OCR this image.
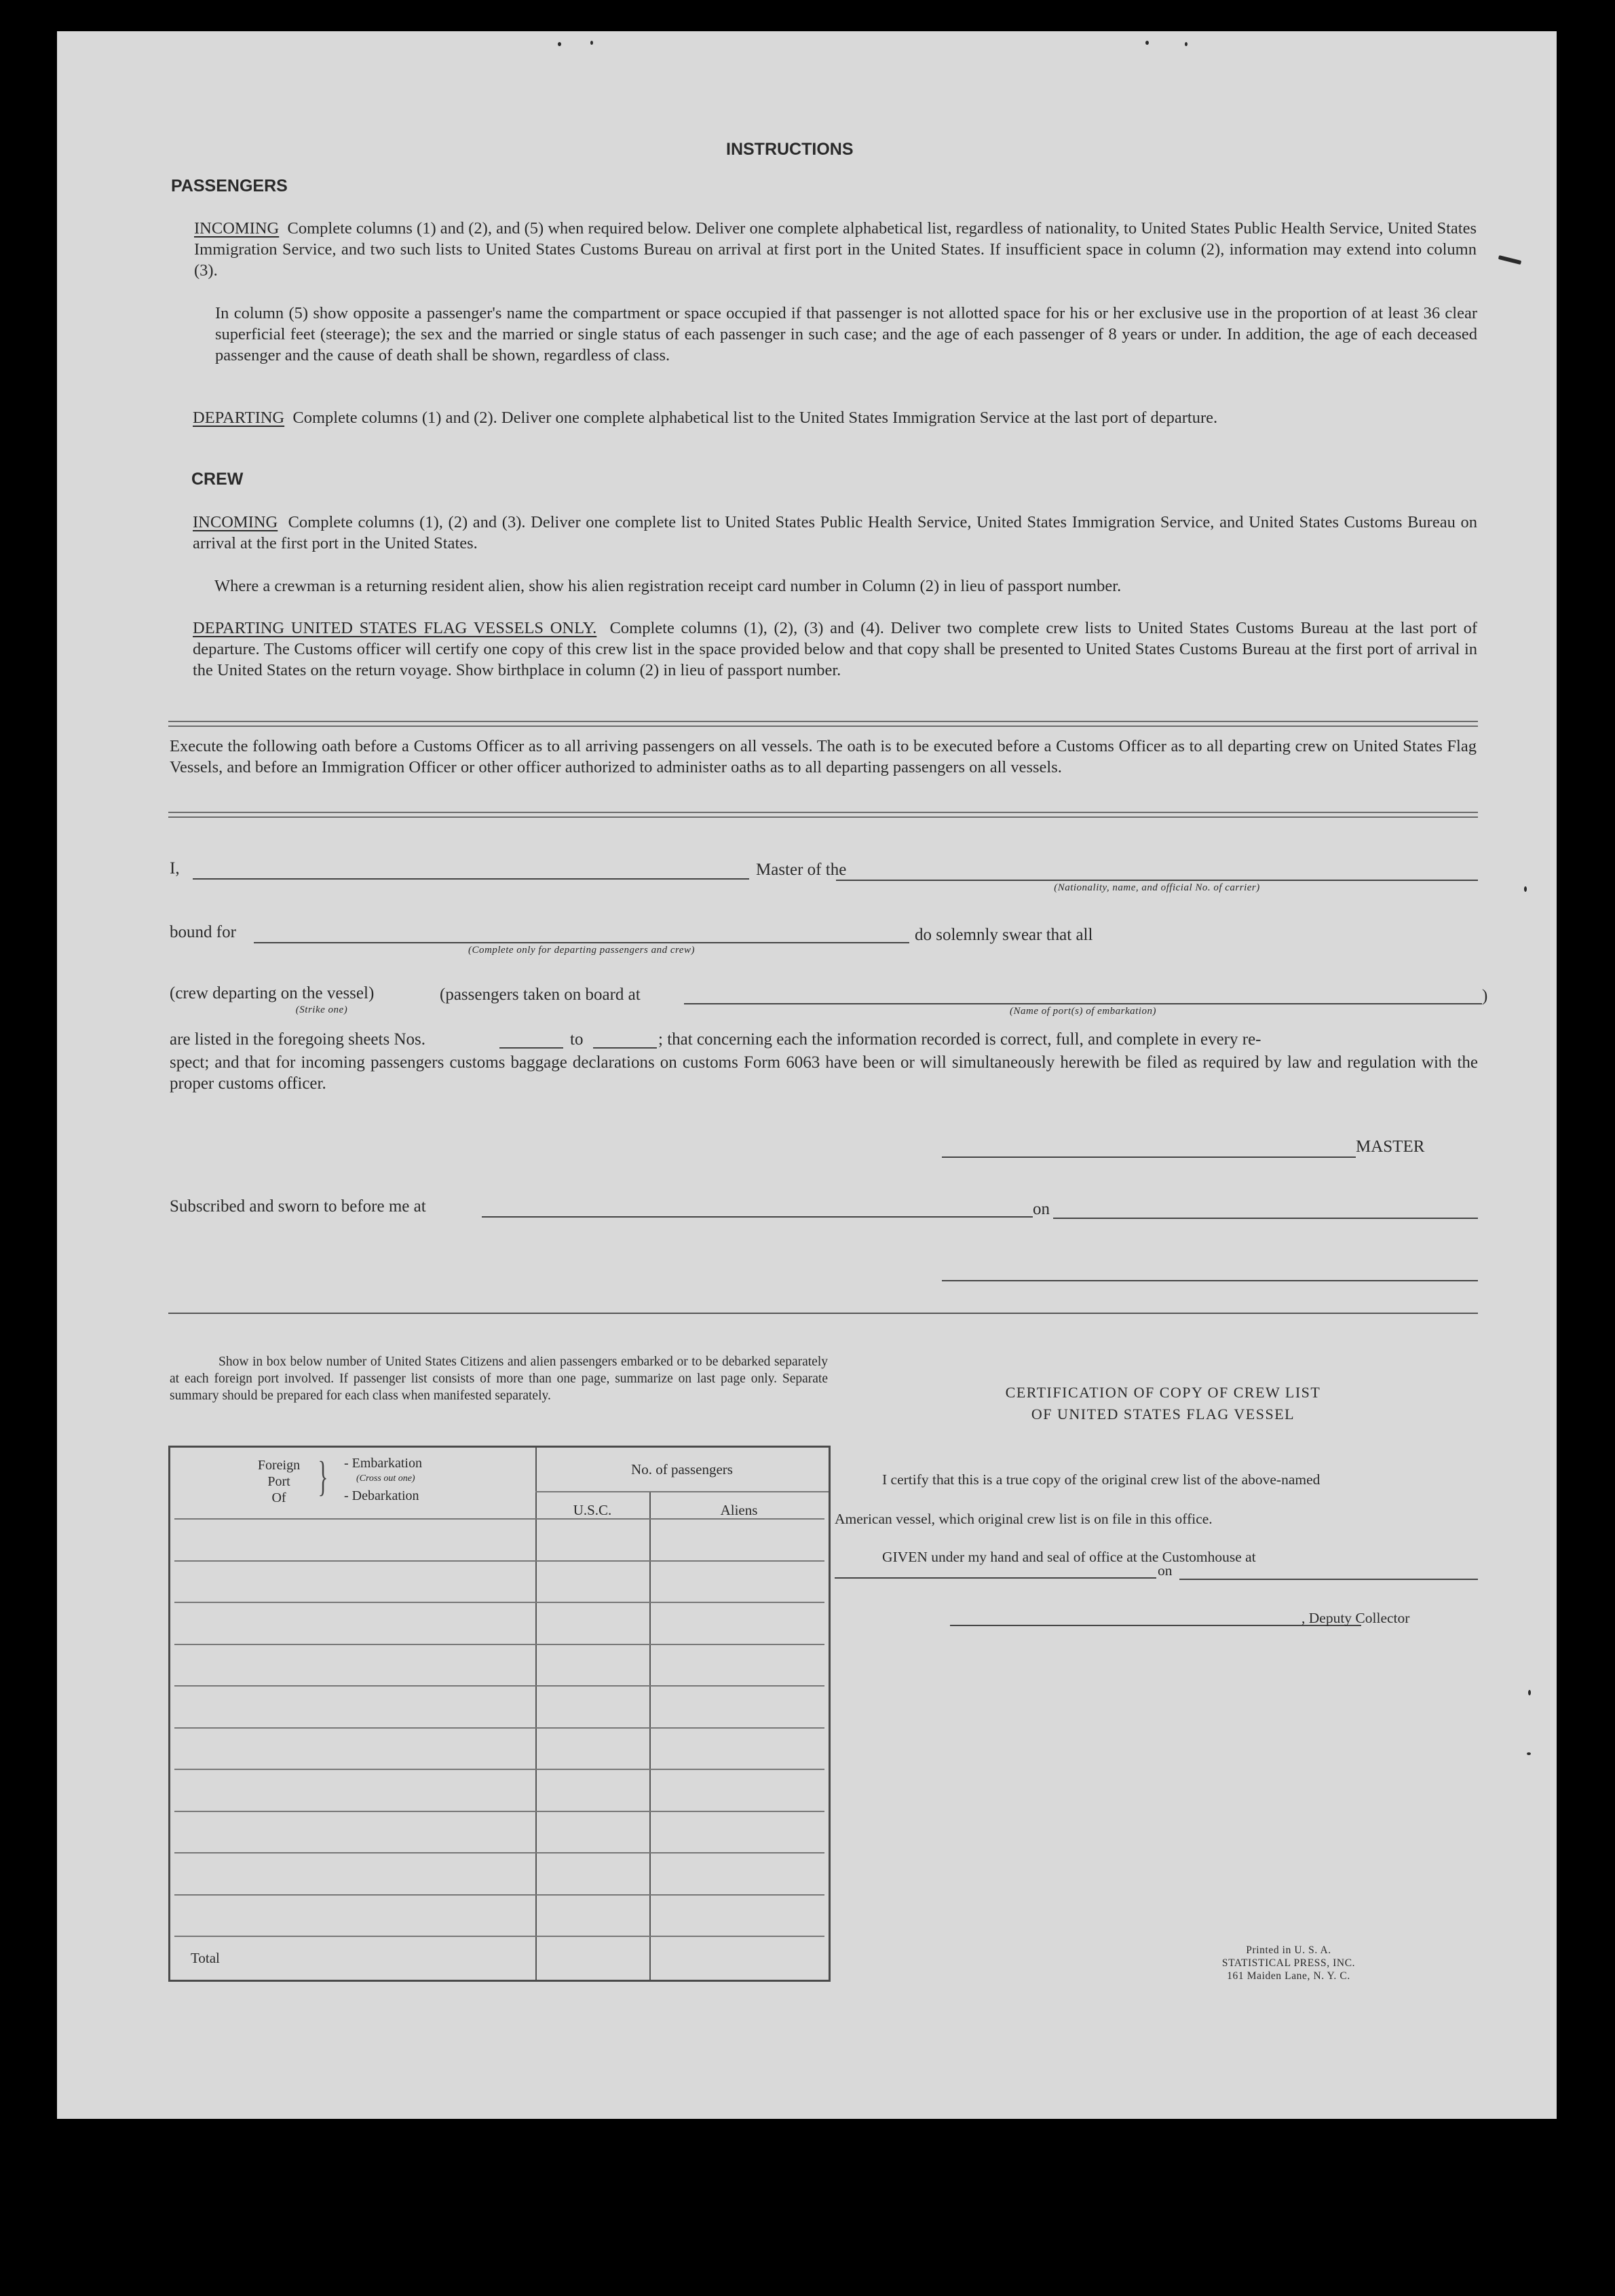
INSTRUCTIONS
PASSENGERS
INCOMING Complete columns (1) and (2), and (5) when required below. Deliver one complete alphabetical list, regardless of nationality, to United States Public Health Service, United States Immigration Service, and two such lists to United States Customs Bureau on arrival at first port in the United States. If insufficient space in column (2), information may extend into column (3).
In column (5) show opposite a passenger's name the compartment or space occupied if that passenger is not allotted space for his or her exclusive use in the proportion of at least 36 clear superficial feet (steerage); the sex and the married or single status of each passenger in such case; and the age of each passenger of 8 years or under. In addition, the age of each deceased passenger and the cause of death shall be shown, regardless of class.
DEPARTING Complete columns (1) and (2). Deliver one complete alphabetical list to the United States Immigration Service at the last port of departure.
CREW
INCOMING Complete columns (1), (2) and (3). Deliver one complete list to United States Public Health Service, United States Immigration Service, and United States Customs Bureau on arrival at the first port in the United States.
Where a crewman is a returning resident alien, show his alien registration receipt card number in Column (2) in lieu of passport number.
DEPARTING UNITED STATES FLAG VESSELS ONLY. Complete columns (1), (2), (3) and (4). Deliver two complete crew lists to United States Customs Bureau at the last port of departure. The Customs officer will certify one copy of this crew list in the space provided below and that copy shall be presented to United States Customs Bureau at the first port of arrival in the United States on the return voyage. Show birthplace in column (2) in lieu of passport number.
Execute the following oath before a Customs Officer as to all arriving passengers on all vessels. The oath is to be executed before a Customs Officer as to all departing crew on United States Flag Vessels, and before an Immigration Officer or other officer authorized to administer oaths as to all departing passengers on all vessels.
I,	Master of the
(Nationality, name, and official No. of carrier)
bound for
(Complete only for departing passengers and crew)
do solemnly swear that all
(crew departing on the vessel)	(passengers taken on board at
(Strike one)
)
(Name of port(s) of embarkation)
are listed in the foregoing sheets Nos.	to	; that concerning each the information recorded is correct, full, and complete in every re-
spect; and that for incoming passengers customs baggage declarations on customs Form 6063 have been or will simultaneously herewith be filed as required by law and regulation with the proper customs officer.
MASTER
Subscribed and sworn to before me at	on
Show in box below number of United States Citizens and alien passengers embarked or to be debarked separately at each foreign port involved. If passenger list consists of more than one page, summarize on last page only. Separate summary should be prepared for each class when manifested separately.
Foreign
Port
Of } - Embarkation
(Cross out one)
- Debarkation
No. of passengers
U.S.C.	Aliens
Total
CERTIFICATION OF COPY OF CREW LIST
OF UNITED STATES FLAG VESSEL
I certify that this is a true copy of the original crew list of the above-named
American vessel, which original crew list is on file in this office.
GIVEN under my hand and seal of office at the Customhouse at
on
, Deputy Collector
Printed in U. S. A.
STATISTICAL PRESS, INC.
161 Maiden Lane, N. Y. C.
